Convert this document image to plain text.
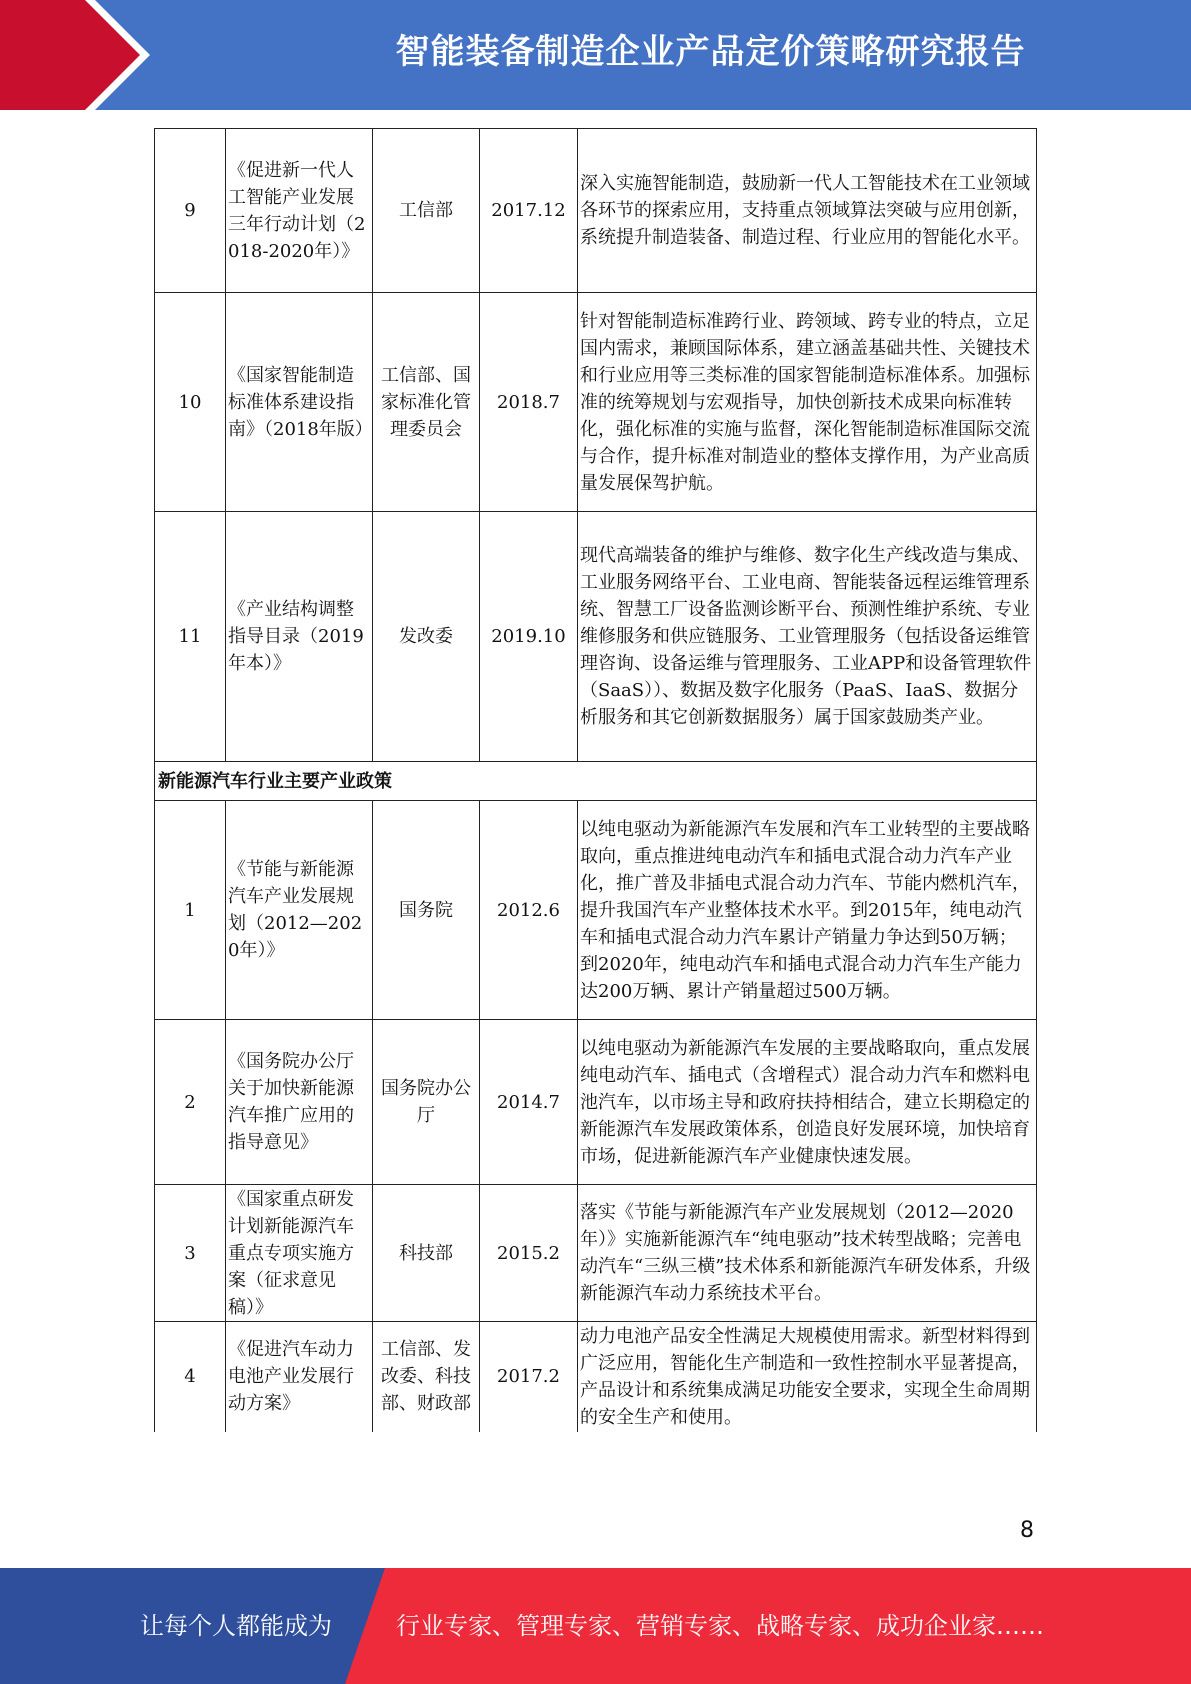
智能装备制造企业产品定价策略研究报告
9	《促进新一代人工智能产业发展三年行动计划（2018-2020年）》	工信部	2017.12	深入实施智能制造，鼓励新一代人工智能技术在工业领域各环节的探索应用，支持重点领域算法突破与应用创新，系统提升制造装备、制造过程、行业应用的智能化水平。
10	《国家智能制造标准体系建设指南》（2018年版）	工信部、国家标准化管理委员会	2018.7	针对智能制造标准跨行业、跨领域、跨专业的特点，立足国内需求，兼顾国际体系，建立涵盖基础共性、关键技术和行业应用等三类标准的国家智能制造标准体系。加强标准的统筹规划与宏观指导，加快创新技术成果向标准转化，强化标准的实施与监督，深化智能制造标准国际交流与合作，提升标准对制造业的整体支撑作用，为产业高质量发展保驾护航。
11	《产业结构调整指导目录（2019年本）》	发改委	2019.10	现代高端装备的维护与维修、数字化生产线改造与集成、工业服务网络平台、工业电商、智能装备远程运维管理系统、智慧工厂设备监测诊断平台、预测性维护系统、专业维修服务和供应链服务、工业管理服务（包括设备运维管理咨询、设备运维与管理服务、工业APP和设备管理软件（SaaS））、数据及数字化服务（PaaS、IaaS、数据分析服务和其它创新数据服务）属于国家鼓励类产业。
新能源汽车行业主要产业政策				
1	《节能与新能源汽车产业发展规划（2012—2020年）》	国务院	2012.6	以纯电驱动为新能源汽车发展和汽车工业转型的主要战略取向，重点推进纯电动汽车和插电式混合动力汽车产业化，推广普及非插电式混合动力汽车、节能内燃机汽车，提升我国汽车产业整体技术水平。到2015年，纯电动汽车和插电式混合动力汽车累计产销量力争达到50万辆；到2020年，纯电动汽车和插电式混合动力汽车生产能力达200万辆、累计产销量超过500万辆。
2	《国务院办公厅关于加快新能源汽车推广应用的指导意见》	国务院办公厅	2014.7	以纯电驱动为新能源汽车发展的主要战略取向，重点发展纯电动汽车、插电式（含增程式）混合动力汽车和燃料电池汽车，以市场主导和政府扶持相结合，建立长期稳定的新能源汽车发展政策体系，创造良好发展环境，加快培育市场，促进新能源汽车产业健康快速发展。
3	《国家重点研发计划新能源汽车重点专项实施方案（征求意见稿）》	科技部	2015.2	落实《节能与新能源汽车产业发展规划（2012—2020年）》实施新能源汽车“纯电驱动”技术转型战略；完善电动汽车“三纵三横”技术体系和新能源汽车研发体系，升级新能源汽车动力系统技术平台。
4	《促进汽车动力电池产业发展行动方案》	工信部、发改委、科技部、财政部	2017.2	动力电池产品安全性满足大规模使用需求。新型材料得到广泛应用，智能化生产制造和一致性控制水平显著提高，产品设计和系统集成满足功能安全要求，实现全生命周期的安全生产和使用。
8
让每个人都能成为	行业专家、管理专家、营销专家、战略专家、成功企业家……
